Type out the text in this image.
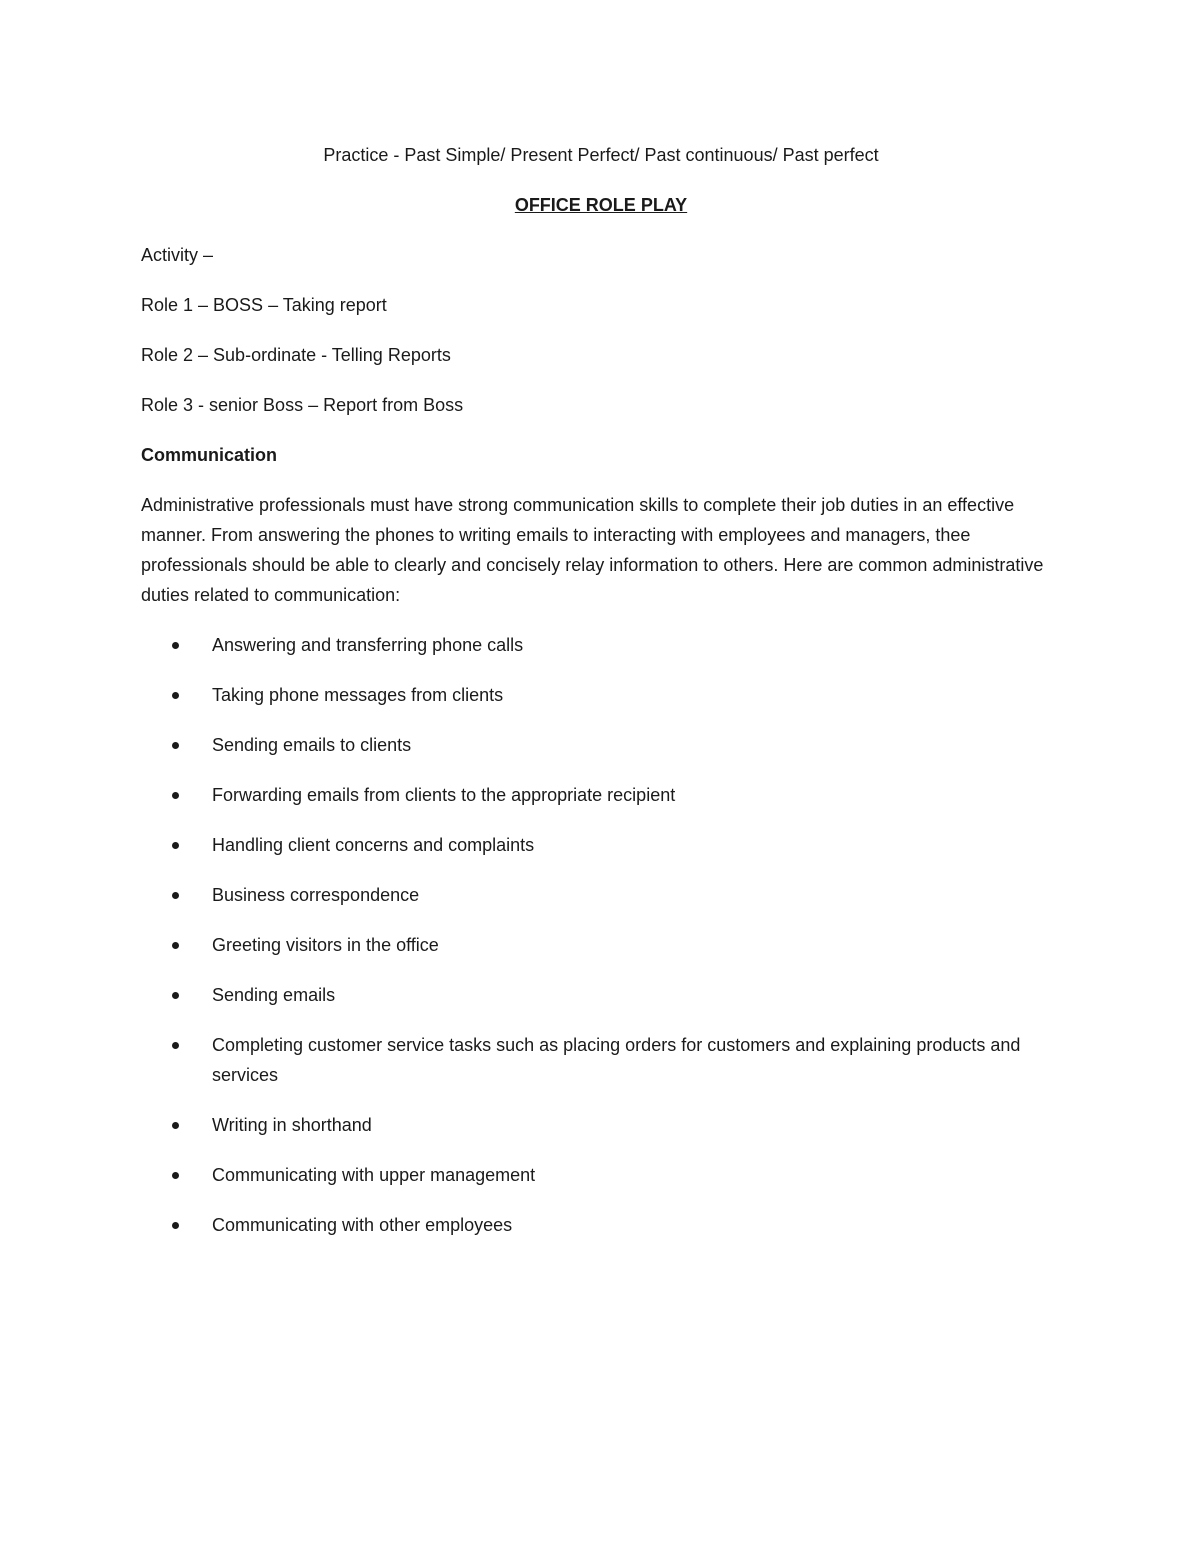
Practice - Past Simple/ Present Perfect/ Past continuous/ Past perfect

OFFICE ROLE PLAY

Activity –

Role 1 – BOSS – Taking report

Role 2 – Sub-ordinate - Telling Reports

Role 3 - senior Boss – Report from Boss

Communication

Administrative professionals must have strong communication skills to complete their job duties in an effective manner. From answering the phones to writing emails to interacting with employees and managers, thee professionals should be able to clearly and concisely relay information to others. Here are common administrative duties related to communication:

Answering and transferring phone calls
Taking phone messages from clients
Sending emails to clients
Forwarding emails from clients to the appropriate recipient
Handling client concerns and complaints
Business correspondence
Greeting visitors in the office
Sending emails
Completing customer service tasks such as placing orders for customers and explaining products and services
Writing in shorthand
Communicating with upper management
Communicating with other employees
